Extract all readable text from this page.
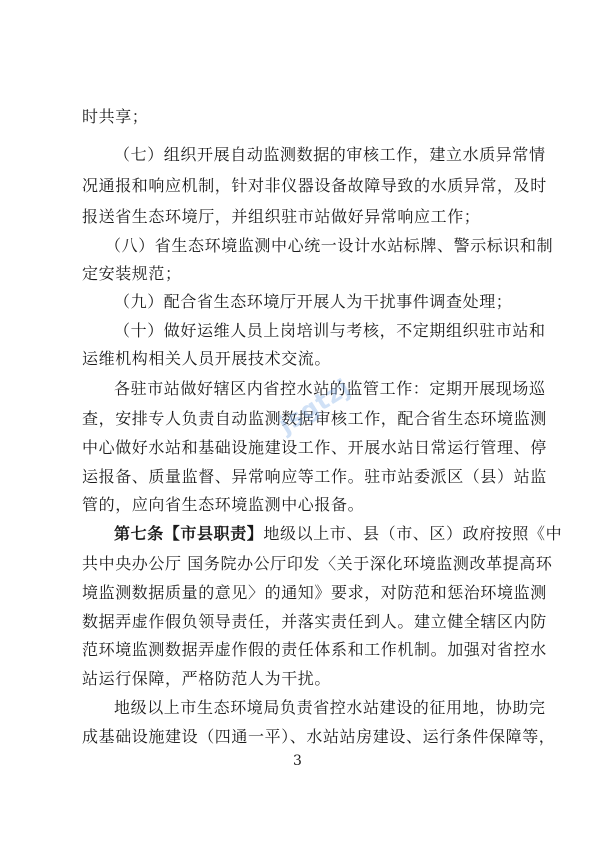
时共享；
（七）组织开展自动监测数据的审核工作，建立水质异常情
况通报和响应机制，针对非仪器设备故障导致的水质异常，及时
报送省生态环境厅，并组织驻市站做好异常响应工作；
（八）省生态环境监测中心统一设计水站标牌、警示标识和制
定安装规范；
（九）配合省生态环境厅开展人为干扰事件调查处理；
（十）做好运维人员上岗培训与考核，不定期组织驻市站和
运维机构相关人员开展技术交流。
各驻市站做好辖区内省控水站的监管工作：定期开展现场巡
查，安排专人负责自动监测数据审核工作，配合省生态环境监测
中心做好水站和基础设施建设工作、开展水站日常运行管理、停
运报备、质量监督、异常响应等工作。驻市站委派区（县）站监
管的，应向省生态环境监测中心报备。
第七条【市县职责】地级以上市、县（市、区）政府按照《中
共中央办公厅 国务院办公厅印发〈关于深化环境监测改革提高环
境监测数据质量的意见〉的通知》要求，对防范和惩治环境监测
数据弄虚作假负领导责任，并落实责任到人。建立健全辖区内防
范环境监测数据弄虚作假的责任体系和工作机制。加强对省控水
站运行保障，严格防范人为干扰。
地级以上市生态环境局负责省控水站建设的征用地，协助完
成基础设施建设（四通一平）、水站站房建设、运行条件保障等，
3
jsgtzj
